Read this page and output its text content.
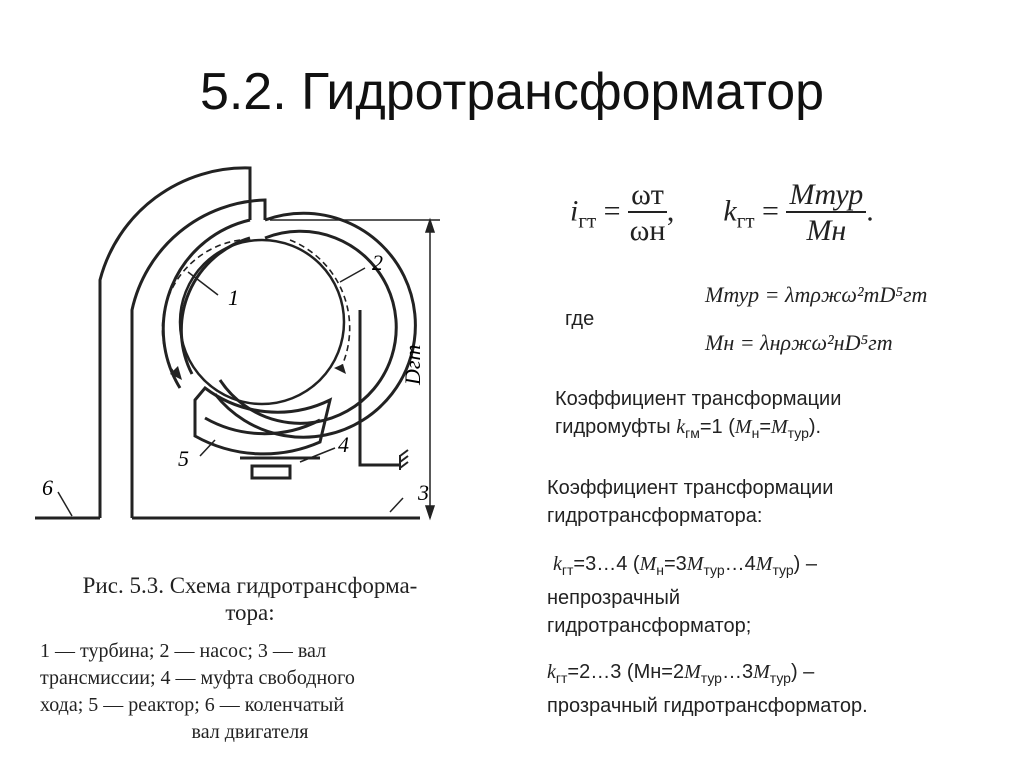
5.2. Гидротрансформатор
1
2
3
4
5
6
Dгт
Рис. 5.3. Схема гидротрансформа-
тора:
1 — турбина; 2 — насос; 3 — вал
трансмиссии; 4 — муфта свободного
хода; 5 — реактор; 6 — коленчатый

вал двигателя
$i_{гт} = \frac{\omega т}{\omega н}$ , $k_{гт} = \frac{\text{Mтур}}{Mн}$ .
где
Mтур = λтρжω²тD⁵гт
Mн = λнρжω²нD⁵гт
Коэффициент трансформации
гидромуфты $k_{гм}=1$ $(M_н=M_{тур})$.
Коэффициент трансформации
гидротрансформатора:
$k_{гт}=3\dots 4$ $(M_н=3M_{тур}\dots 4M_{тур})$ –
непрозрачный
гидротрансформатор;
$k_{гт}=2\dots 3$ $(Mн=2M_{тур}\dots 3M_{тур})$ –
прозрачный гидротрансформатор.
